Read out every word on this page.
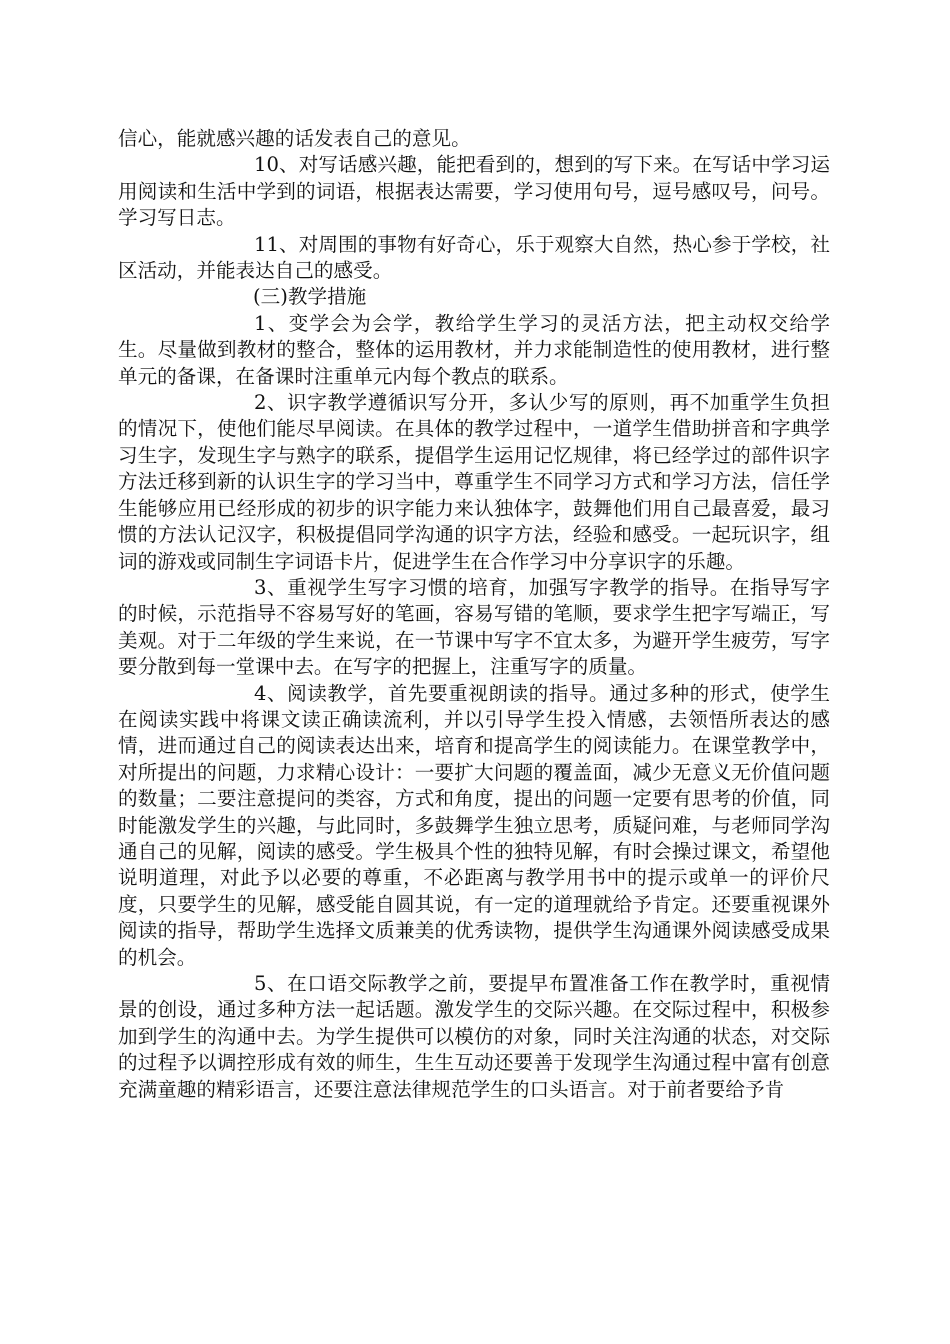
信心，能就感兴趣的话发表自己的意见。

10、对写话感兴趣，能把看到的，想到的写下来。在写话中学习运用阅读和生活中学到的词语，根据表达需要，学习使用句号，逗号感叹号，问号。学习写日志。

11、对周围的事物有好奇心，乐于观察大自然，热心参于学校，社区活动，并能表达自己的感受。

(三)教学措施

1、变学会为会学，教给学生学习的灵活方法，把主动权交给学生。尽量做到教材的整合，整体的运用教材，并力求能制造性的使用教材，进行整单元的备课，在备课时注重单元内每个教点的联系。

2、识字教学遵循识写分开，多认少写的原则，再不加重学生负担的情况下，使他们能尽早阅读。在具体的教学过程中，一道学生借助拼音和字典学习生字，发现生字与熟字的联系，提倡学生运用记忆规律，将已经学过的部件识字方法迁移到新的认识生字的学习当中，尊重学生不同学习方式和学习方法，信任学生能够应用已经形成的初步的识字能力来认独体字，鼓舞他们用自己最喜爱，最习惯的方法认记汉字，积极提倡同学沟通的识字方法，经验和感受。一起玩识字，组词的游戏或同制生字词语卡片，促进学生在合作学习中分享识字的乐趣。

3、重视学生写字习惯的培育，加强写字教学的指导。在指导写字的时候，示范指导不容易写好的笔画，容易写错的笔顺，要求学生把字写端正，写美观。对于二年级的学生来说，在一节课中写字不宜太多，为避开学生疲劳，写字要分散到每一堂课中去。在写字的把握上，注重写字的质量。

4、阅读教学，首先要重视朗读的指导。通过多种的形式，使学生在阅读实践中将课文读正确读流利，并以引导学生投入情感，去领悟所表达的感情，进而通过自己的阅读表达出来，培育和提高学生的阅读能力。在课堂教学中，对所提出的问题，力求精心设计：一要扩大问题的覆盖面，减少无意义无价值问题的数量；二要注意提问的类容，方式和角度，提出的问题一定要有思考的价值，同时能激发学生的兴趣，与此同时，多鼓舞学生独立思考，质疑问难，与老师同学沟通自己的见解，阅读的感受。学生极具个性的独特见解，有时会操过课文，希望他说明道理，对此予以必要的尊重，不必距离与教学用书中的提示或单一的评价尺度，只要学生的见解，感受能自圆其说，有一定的道理就给予肯定。还要重视课外阅读的指导，帮助学生选择文质兼美的优秀读物，提供学生沟通课外阅读感受成果的机会。

5、在口语交际教学之前，要提早布置准备工作在教学时，重视情景的创设，通过多种方法一起话题。激发学生的交际兴趣。在交际过程中，积极参加到学生的沟通中去。为学生提供可以模仿的对象，同时关注沟通的状态，对交际的过程予以调控形成有效的师生，生生互动还要善于发现学生沟通过程中富有创意充满童趣的精彩语言，还要注意法律规范学生的口头语言。对于前者要给予肯
